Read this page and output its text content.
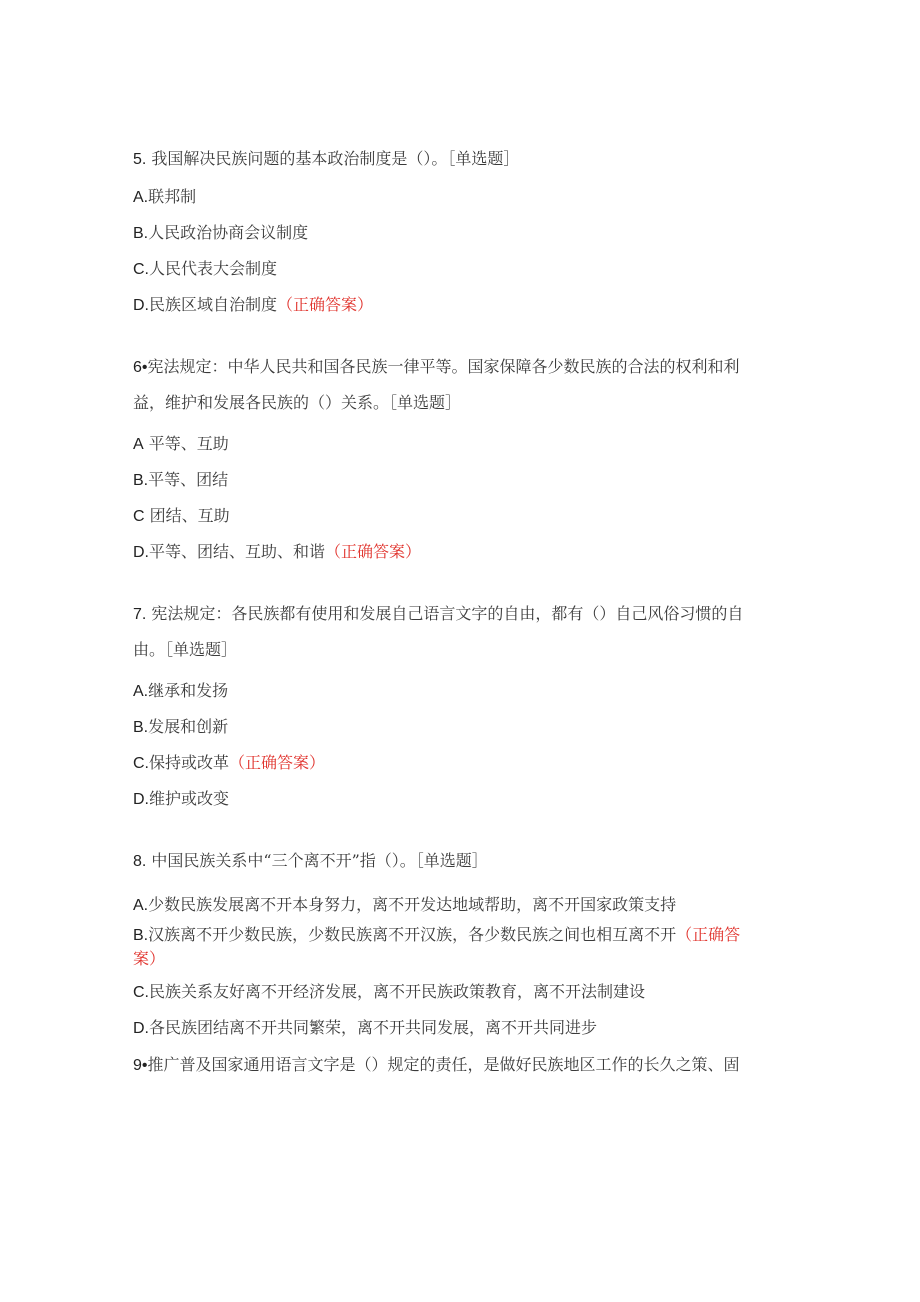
5. 我国解决民族问题的基本政治制度是（）。［单选题］
A.联邦制
B.人民政治协商会议制度
C.人民代表大会制度
D.民族区域自治制度（正确答案）
6•宪法规定：中华人民共和国各民族一律平等。国家保障各少数民族的合法的权利和利
益，维护和发展各民族的（）关系。［单选题］
A 平等、互助
B.平等、团结
C 团结、互助
D.平等、团结、互助、和谐（正确答案）
7. 宪法规定：各民族都有使用和发展自己语言文字的自由，都有（）自己风俗习惯的自
由。［单选题］
A.继承和发扬
B.发展和创新
C.保持或改革（正确答案）
D.维护或改变
8. 中国民族关系中“三个离不开”指（）。［单选题］
A.少数民族发展离不开本身努力，离不开发达地域帮助，离不开国家政策支持
B.汉族离不开少数民族，少数民族离不开汉族，各少数民族之间也相互离不开（正确答
案）
C.民族关系友好离不开经济发展，离不开民族政策教育，离不开法制建设
D.各民族团结离不开共同繁荣，离不开共同发展，离不开共同进步
9•推广普及国家通用语言文字是（）规定的责任，是做好民族地区工作的长久之策、固
